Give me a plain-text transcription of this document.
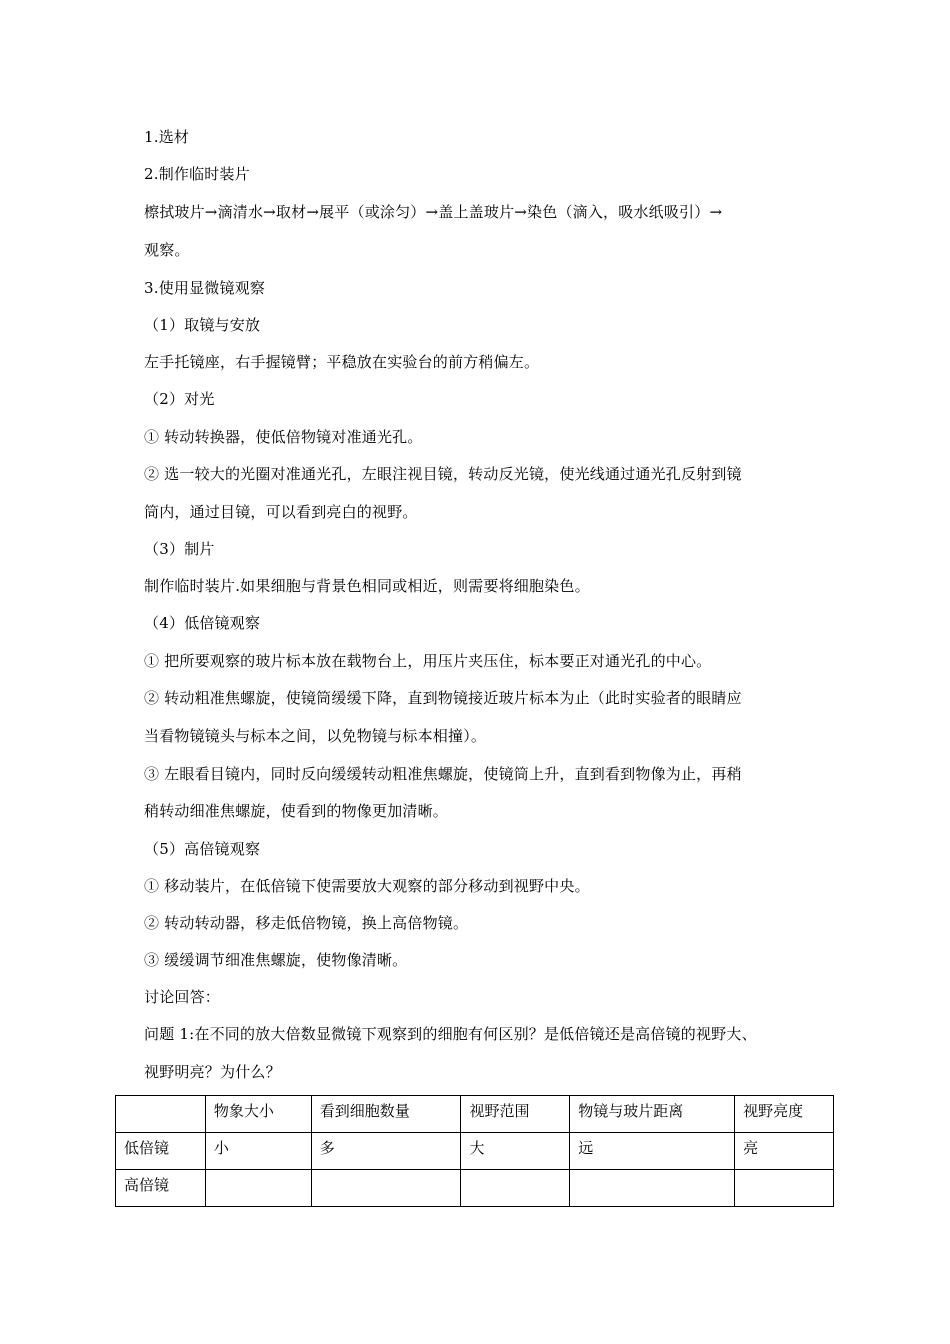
1.选材
2.制作临时装片
檫拭玻片→滴清水→取材→展平（或涂匀）→盖上盖玻片→染色（滴入，吸水纸吸引）→
观察。
3.使用显微镜观察
（1）取镜与安放
左手托镜座，右手握镜臂；平稳放在实验台的前方稍偏左。
（2）对光
① 转动转换器，使低倍物镜对准通光孔。
② 选一较大的光圈对准通光孔，左眼注视目镜，转动反光镜，使光线通过通光孔反射到镜
筒内，通过目镜，可以看到亮白的视野。
（3）制片
制作临时装片.如果细胞与背景色相同或相近，则需要将细胞染色。
（4）低倍镜观察
① 把所要观察的玻片标本放在载物台上，用压片夹压住，标本要正对通光孔的中心。
② 转动粗准焦螺旋，使镜筒缓缓下降，直到物镜接近玻片标本为止（此时实验者的眼睛应
当看物镜镜头与标本之间，以免物镜与标本相撞）。
③ 左眼看目镜内，同时反向缓缓转动粗准焦螺旋，使镜筒上升，直到看到物像为止，再稍
稍转动细准焦螺旋，使看到的物像更加清晰。
（5）高倍镜观察
① 移动装片，在低倍镜下使需要放大观察的部分移动到视野中央。
② 转动转动器，移走低倍物镜，换上高倍物镜。
③ 缓缓调节细准焦螺旋，使物像清晰。
讨论回答：
问题 1:在不同的放大倍数显微镜下观察到的细胞有何区别？是低倍镜还是高倍镜的视野大、
视野明亮？为什么？
	物象大小	看到细胞数量	视野范围	物镜与玻片距离	视野亮度
低倍镜	小	多	大	远	亮
高倍镜					
